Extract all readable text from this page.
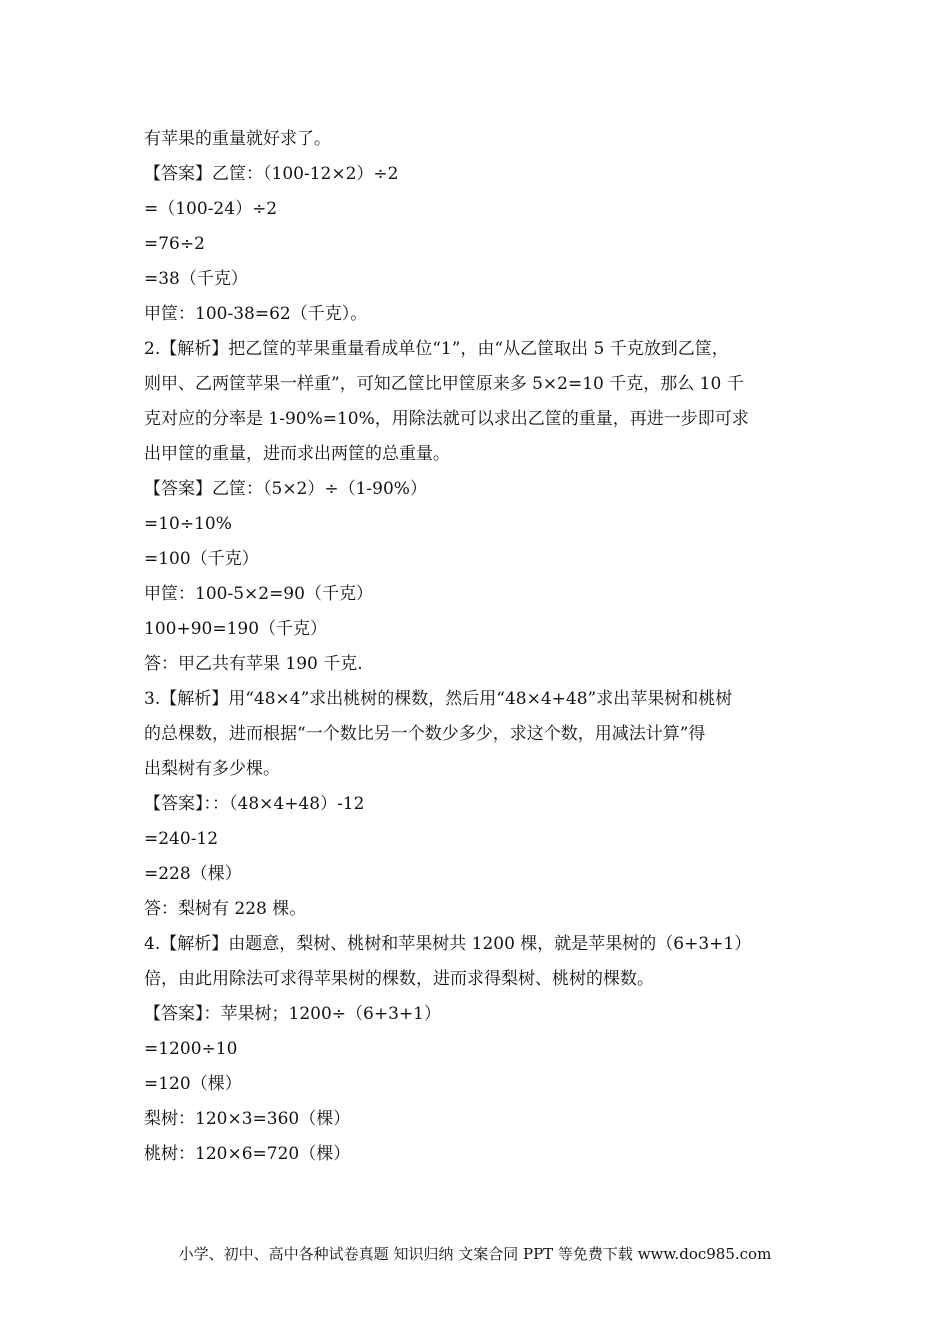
有苹果的重量就好求了。
【答案】乙筐：（100-12×2）÷2
=（100-24）÷2
=76÷2
=38（千克）
甲筐：100-38=62（千克）。
2.【解析】把乙筐的苹果重量看成单位“1”，由“从乙筐取出 5 千克放到乙筐，
则甲、乙两筐苹果一样重”，可知乙筐比甲筐原来多 5×2=10 千克，那么 10 千
克对应的分率是 1-90%=10%，用除法就可以求出乙筐的重量，再进一步即可求
出甲筐的重量，进而求出两筐的总重量。
【答案】乙筐：（5×2）÷（1-90%）
=10÷10%
=100（千克）
甲筐：100-5×2=90（千克）
100+90=190（千克）
答：甲乙共有苹果 190 千克.
3.【解析】用“48×4”求出桃树的棵数，然后用“48×4+48”求出苹果树和桃树
的总棵数，进而根据“一个数比另一个数少多少，求这个数，用减法计算”得
出梨树有多少棵。
【答案】：：（48×4+48）-12
=240-12
=228（棵）
答：梨树有 228 棵。
4.【解析】由题意，梨树、桃树和苹果树共 1200 棵，就是苹果树的（6+3+1）
倍，由此用除法可求得苹果树的棵数，进而求得梨树、桃树的棵数。
【答案】：苹果树；1200÷（6+3+1）
=1200÷10
=120（棵）
梨树：120×3=360（棵）
桃树：120×6=720（棵）
小学、初中、高中各种试卷真题 知识归纳 文案合同 PPT 等免费下载 www.doc985.com
